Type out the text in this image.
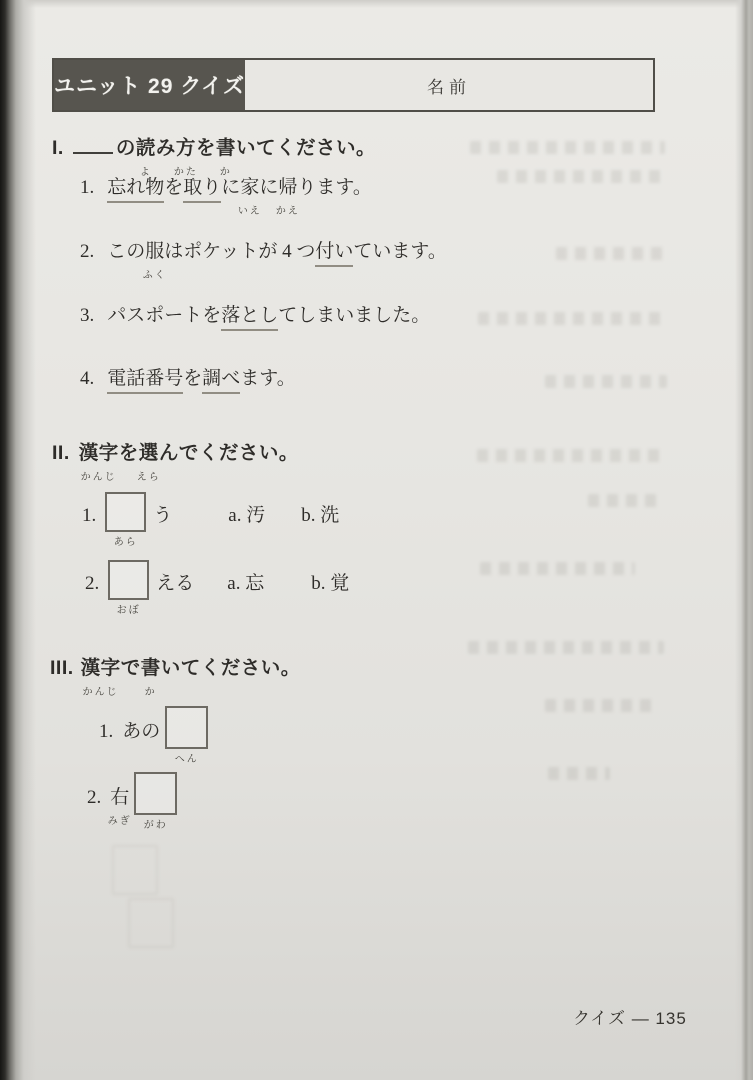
ユニット 29 クイズ	名前
I.	の読
よ
み方
かた
を書
か
いてください。
1. 忘れ物を取りに家
いえ
に帰
かえ
ります。
2. この服
ふく
はポケットが 4 つ付いています。
3. パスポートを落としてしまいました。
4. 電話番号を調べます。
II. 漢字
かんじ
を選
えら
んでください。
1.
あら
う	a. 汚 b. 洗
2.
おぼ
える a. 忘 b. 覚
III. 漢字
かんじ
で書
か
いてください。
1. あの
へん
2. 右
みぎ がわ
クイズ ― 135
